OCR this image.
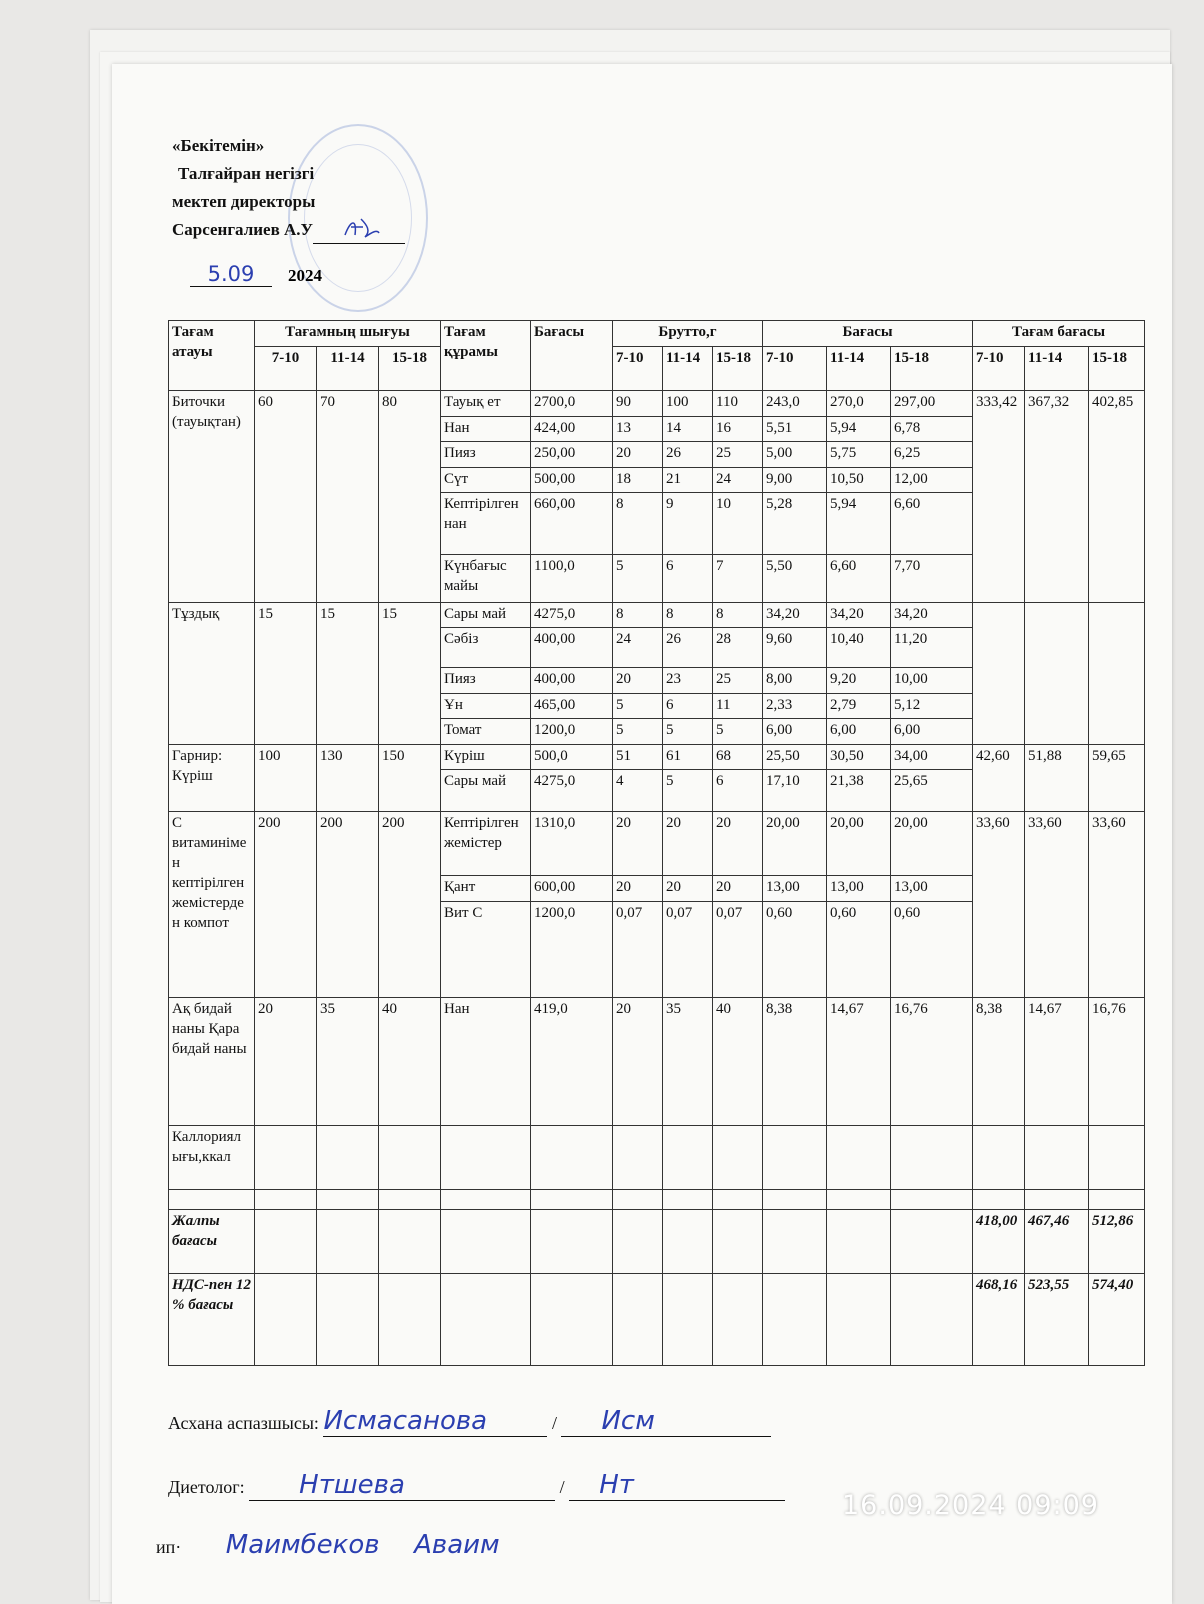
«Бекітемін»
Талғайран негізгі
мектеп директоры
Сарсенгалиев А.У
5.09 2024
Тағам атауы	Тағамның шығуы			Тағам құрамы	Бағасы	Брутто,г			Бағасы			Тағам бағасы		
	7-10	11-14	15-18			7-10	11-14	15-18	7-10	11-14	15-18	7-10	11-14	15-18
Биточки (тауықтан)	60	70	80	Тауық ет	2700,0	90	100	110	243,0	270,0	297,00	333,42	367,32	402,85
				Нан	424,00	13	14	16	5,51	5,94	6,78			
				Пияз	250,00	20	26	25	5,00	5,75	6,25			
				Сүт	500,00	18	21	24	9,00	10,50	12,00			
				Кептірілген нан	660,00	8	9	10	5,28	5,94	6,60			
				Күнбағыс майы	1100,0	5	6	7	5,50	6,60	7,70			
Тұздық	15	15	15	Сары май	4275,0	8	8	8	34,20	34,20	34,20			
				Сәбіз	400,00	24	26	28	9,60	10,40	11,20			
				Пияз	400,00	20	23	25	8,00	9,20	10,00			
				Ұн	465,00	5	6	11	2,33	2,79	5,12			
				Томат	1200,0	5	5	5	6,00	6,00	6,00			
Гарнир: Күріш	100	130	150	Күріш	500,0	51	61	68	25,50	30,50	34,00	42,60	51,88	59,65
				Сары май	4275,0	4	5	6	17,10	21,38	25,65			
С витаминімен кептірілген жемістерден компот	200	200	200	Кептірілген жемістер	1310,0	20	20	20	20,00	20,00	20,00	33,60	33,60	33,60
				Қант	600,00	20	20	20	13,00	13,00	13,00			
				Вит С	1200,0	0,07	0,07	0,07	0,60	0,60	0,60			
Ақ бидай наны Қара бидай наны	20	35	40	Нан	419,0	20	35	40	8,38	14,67	16,76	8,38	14,67	16,76
Каллориялығы,ккал														

Жалпы бағасы												418,00	467,46	512,86
НДС-пен 12 % бағасы												468,16	523,55	574,40
Асхана аспазшысы: Исмасанова	/ Исм
Диетолог: Нтшева	/ Нт
ип· Маимбеков Аваим
16.09.2024 09:09
